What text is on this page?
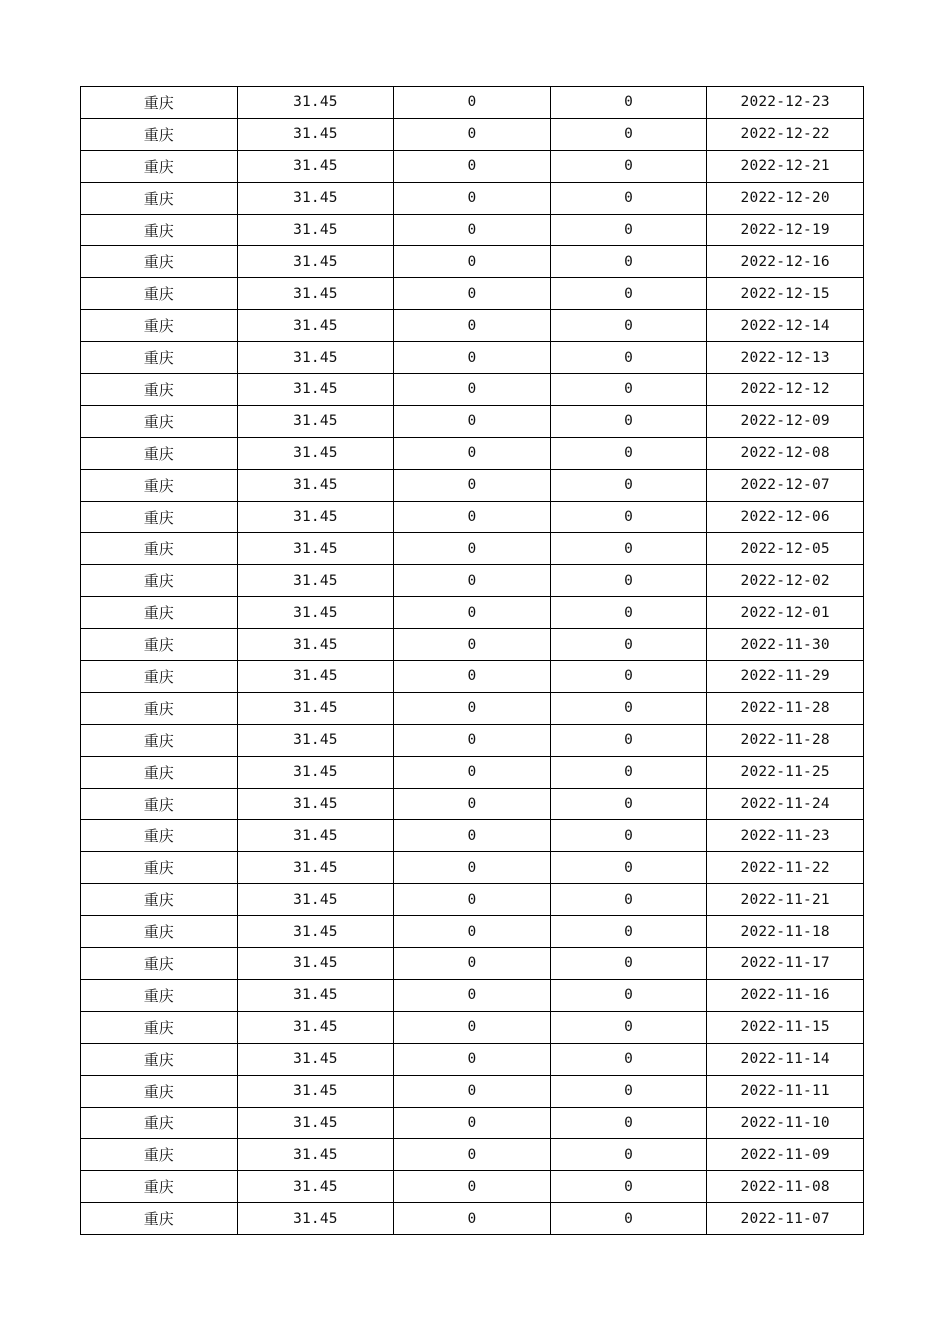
重庆	31.45	0	0	2022-12-23
重庆	31.45	0	0	2022-12-22
重庆	31.45	0	0	2022-12-21
重庆	31.45	0	0	2022-12-20
重庆	31.45	0	0	2022-12-19
重庆	31.45	0	0	2022-12-16
重庆	31.45	0	0	2022-12-15
重庆	31.45	0	0	2022-12-14
重庆	31.45	0	0	2022-12-13
重庆	31.45	0	0	2022-12-12
重庆	31.45	0	0	2022-12-09
重庆	31.45	0	0	2022-12-08
重庆	31.45	0	0	2022-12-07
重庆	31.45	0	0	2022-12-06
重庆	31.45	0	0	2022-12-05
重庆	31.45	0	0	2022-12-02
重庆	31.45	0	0	2022-12-01
重庆	31.45	0	0	2022-11-30
重庆	31.45	0	0	2022-11-29
重庆	31.45	0	0	2022-11-28
重庆	31.45	0	0	2022-11-28
重庆	31.45	0	0	2022-11-25
重庆	31.45	0	0	2022-11-24
重庆	31.45	0	0	2022-11-23
重庆	31.45	0	0	2022-11-22
重庆	31.45	0	0	2022-11-21
重庆	31.45	0	0	2022-11-18
重庆	31.45	0	0	2022-11-17
重庆	31.45	0	0	2022-11-16
重庆	31.45	0	0	2022-11-15
重庆	31.45	0	0	2022-11-14
重庆	31.45	0	0	2022-11-11
重庆	31.45	0	0	2022-11-10
重庆	31.45	0	0	2022-11-09
重庆	31.45	0	0	2022-11-08
重庆	31.45	0	0	2022-11-07
